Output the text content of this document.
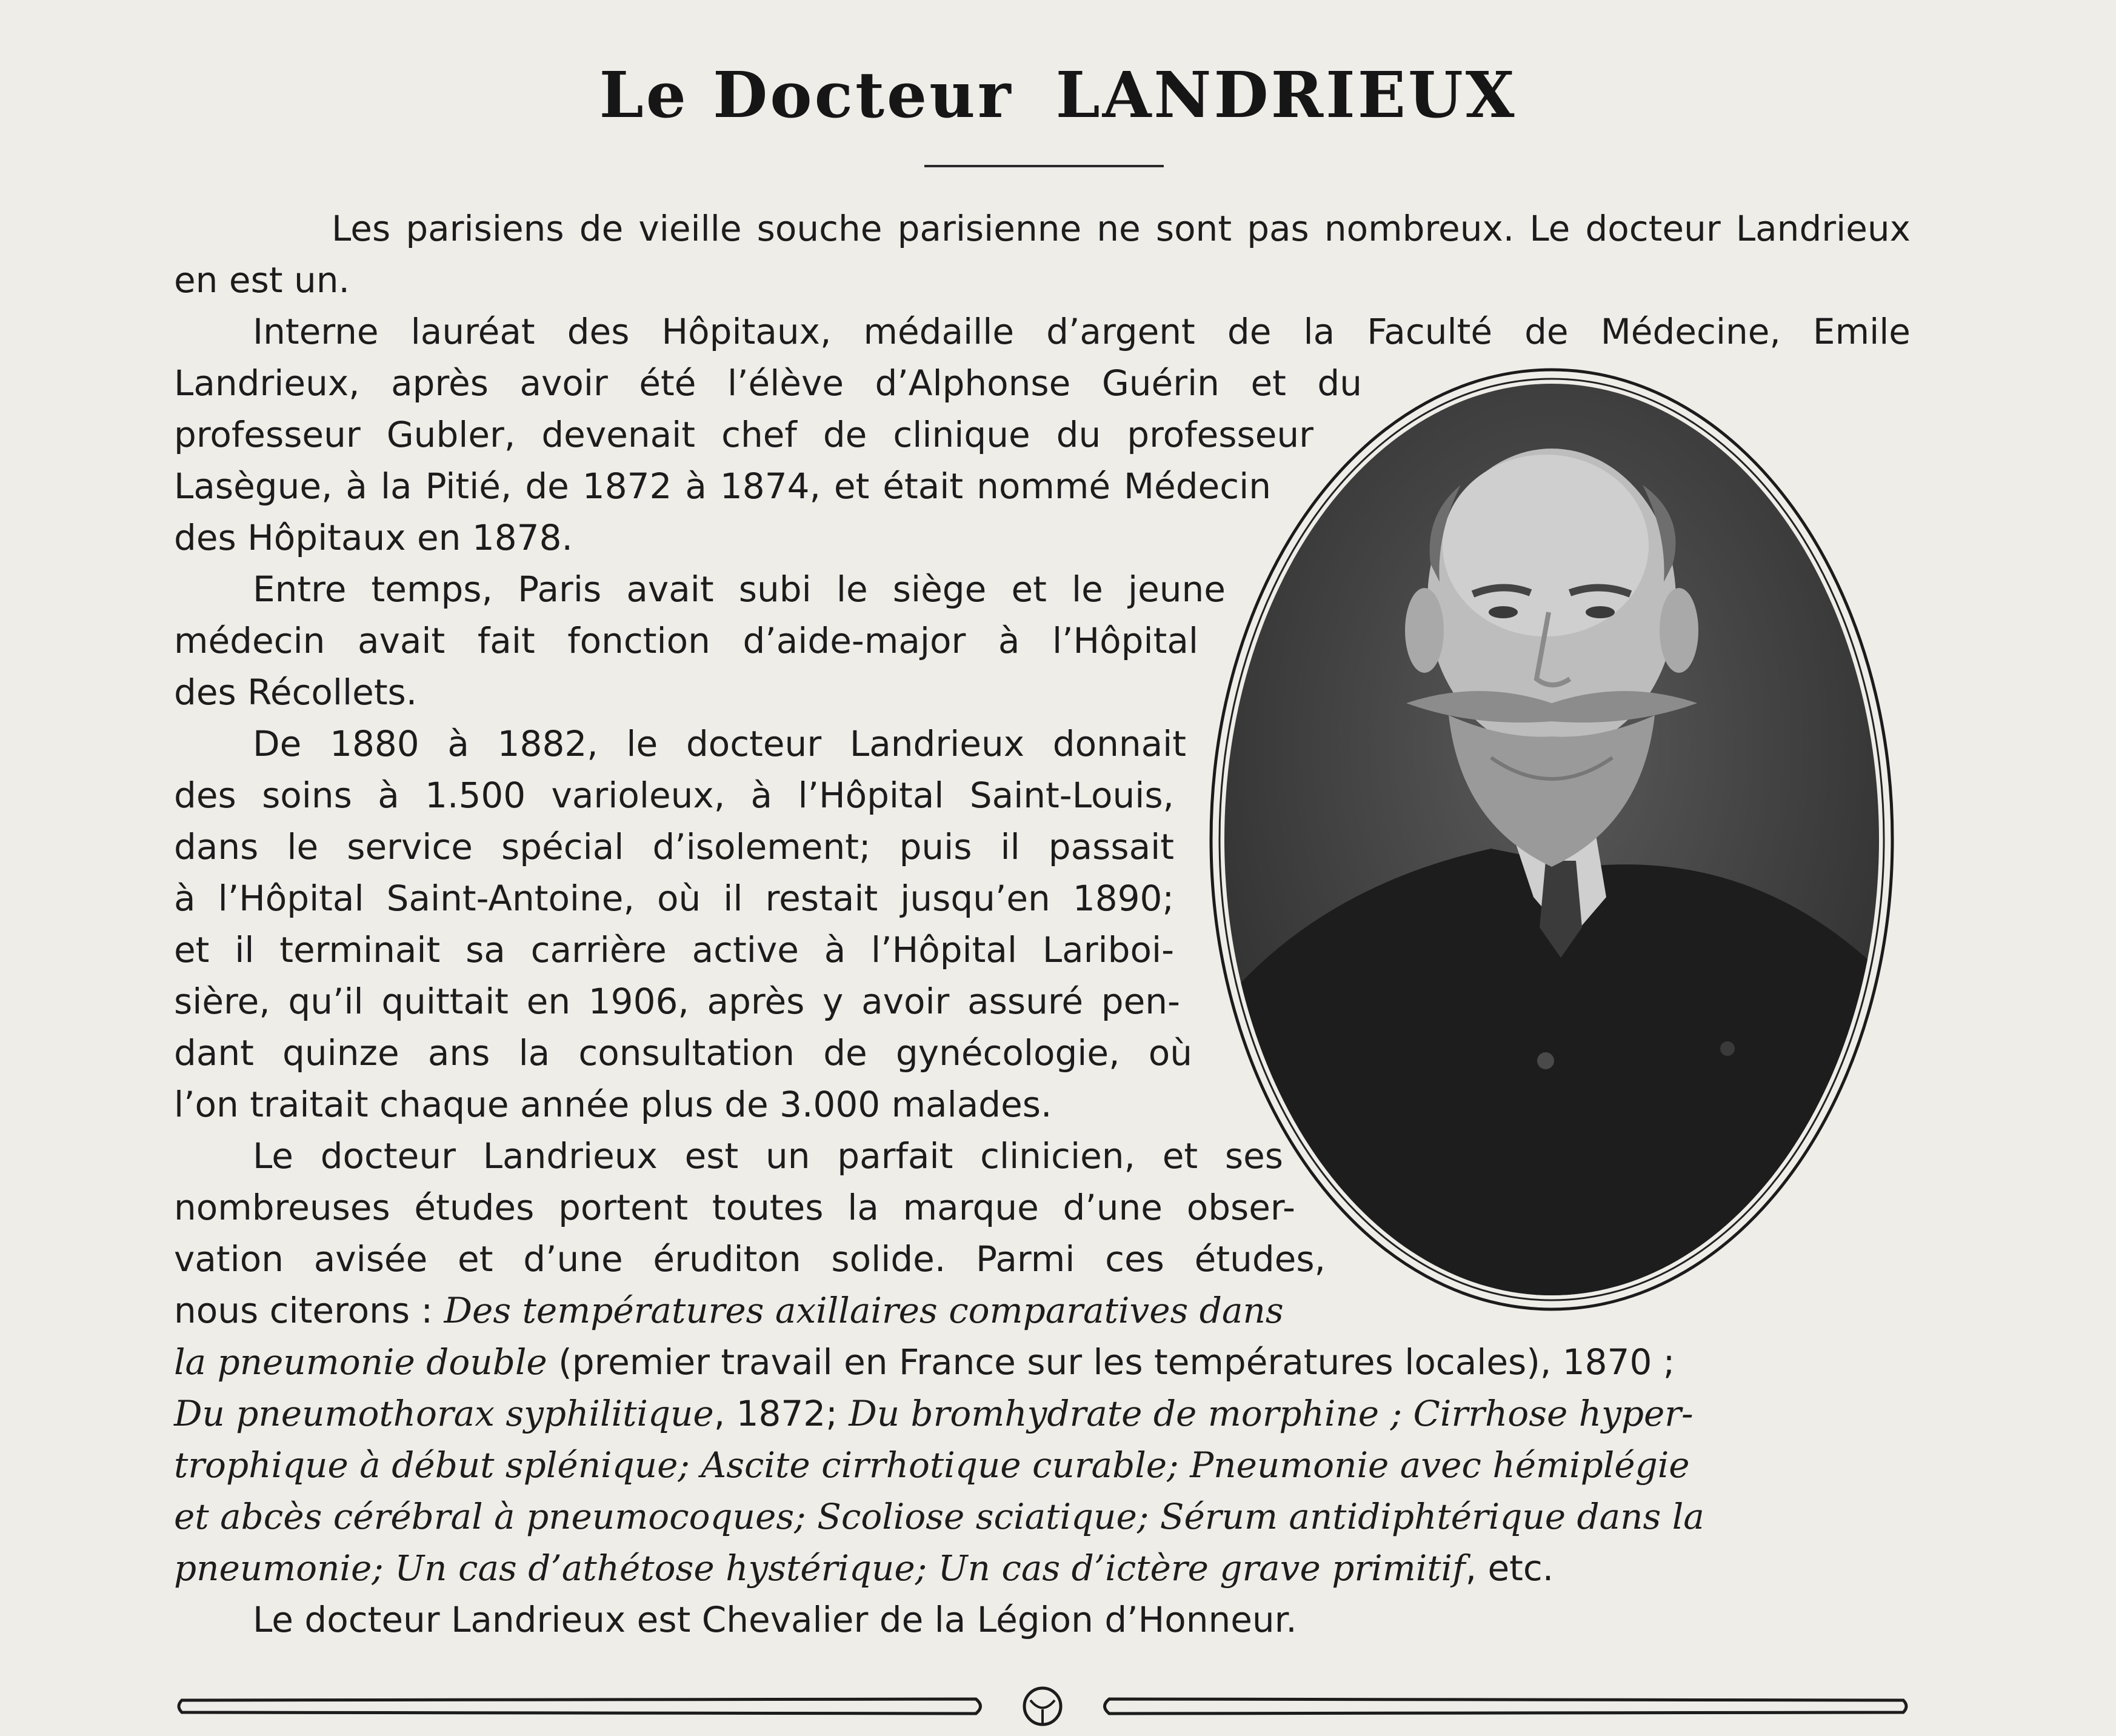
Le Docteur LANDRIEUX
Les parisiens de vieille souche parisienne ne sont pas nombreux. Le docteur Landrieux
en est un.
Interne lauréat des Hôpitaux, médaille d’argent de la Faculté de Médecine, Emile
Landrieux, après avoir été l’élève d’Alphonse Guérin et du
professeur Gubler, devenait chef de clinique du professeur
Lasègue, à la Pitié, de 1872 à 1874, et était nommé Médecin
des Hôpitaux en 1878.
Entre temps, Paris avait subi le siège et le jeune
médecin avait fait fonction d’aide-major à l’Hôpital
des Récollets.
De 1880 à 1882, le docteur Landrieux donnait
des soins à 1.500 varioleux, à l’Hôpital Saint-Louis,
dans le service spécial d’isolement; puis il passait
à l’Hôpital Saint-Antoine, où il restait jusqu’en 1890;
et il terminait sa carrière active à l’Hôpital Lariboi-
sière, qu’il quittait en 1906, après y avoir assuré pen-
dant quinze ans la consultation de gynécologie, où
l’on traitait chaque année plus de 3.000 malades.
Le docteur Landrieux est un parfait clinicien, et ses
nombreuses études portent toutes la marque d’une obser-
vation avisée et d’une éruditon solide. Parmi ces études,
nous citerons : Des températures axillaires comparatives dans
la pneumonie double (premier travail en France sur les températures locales), 1870 ;
Du pneumothorax syphilitique, 1872; Du bromhydrate de morphine ; Cirrhose hyper-
trophique à début splénique; Ascite cirrhotique curable; Pneumonie avec hémiplégie
et abcès cérébral à pneumocoques; Scoliose sciatique; Sérum antidiphtérique dans la
pneumonie; Un cas d’athétose hystérique; Un cas d’ictère grave primitif, etc.
Le docteur Landrieux est Chevalier de la Légion d’Honneur.
